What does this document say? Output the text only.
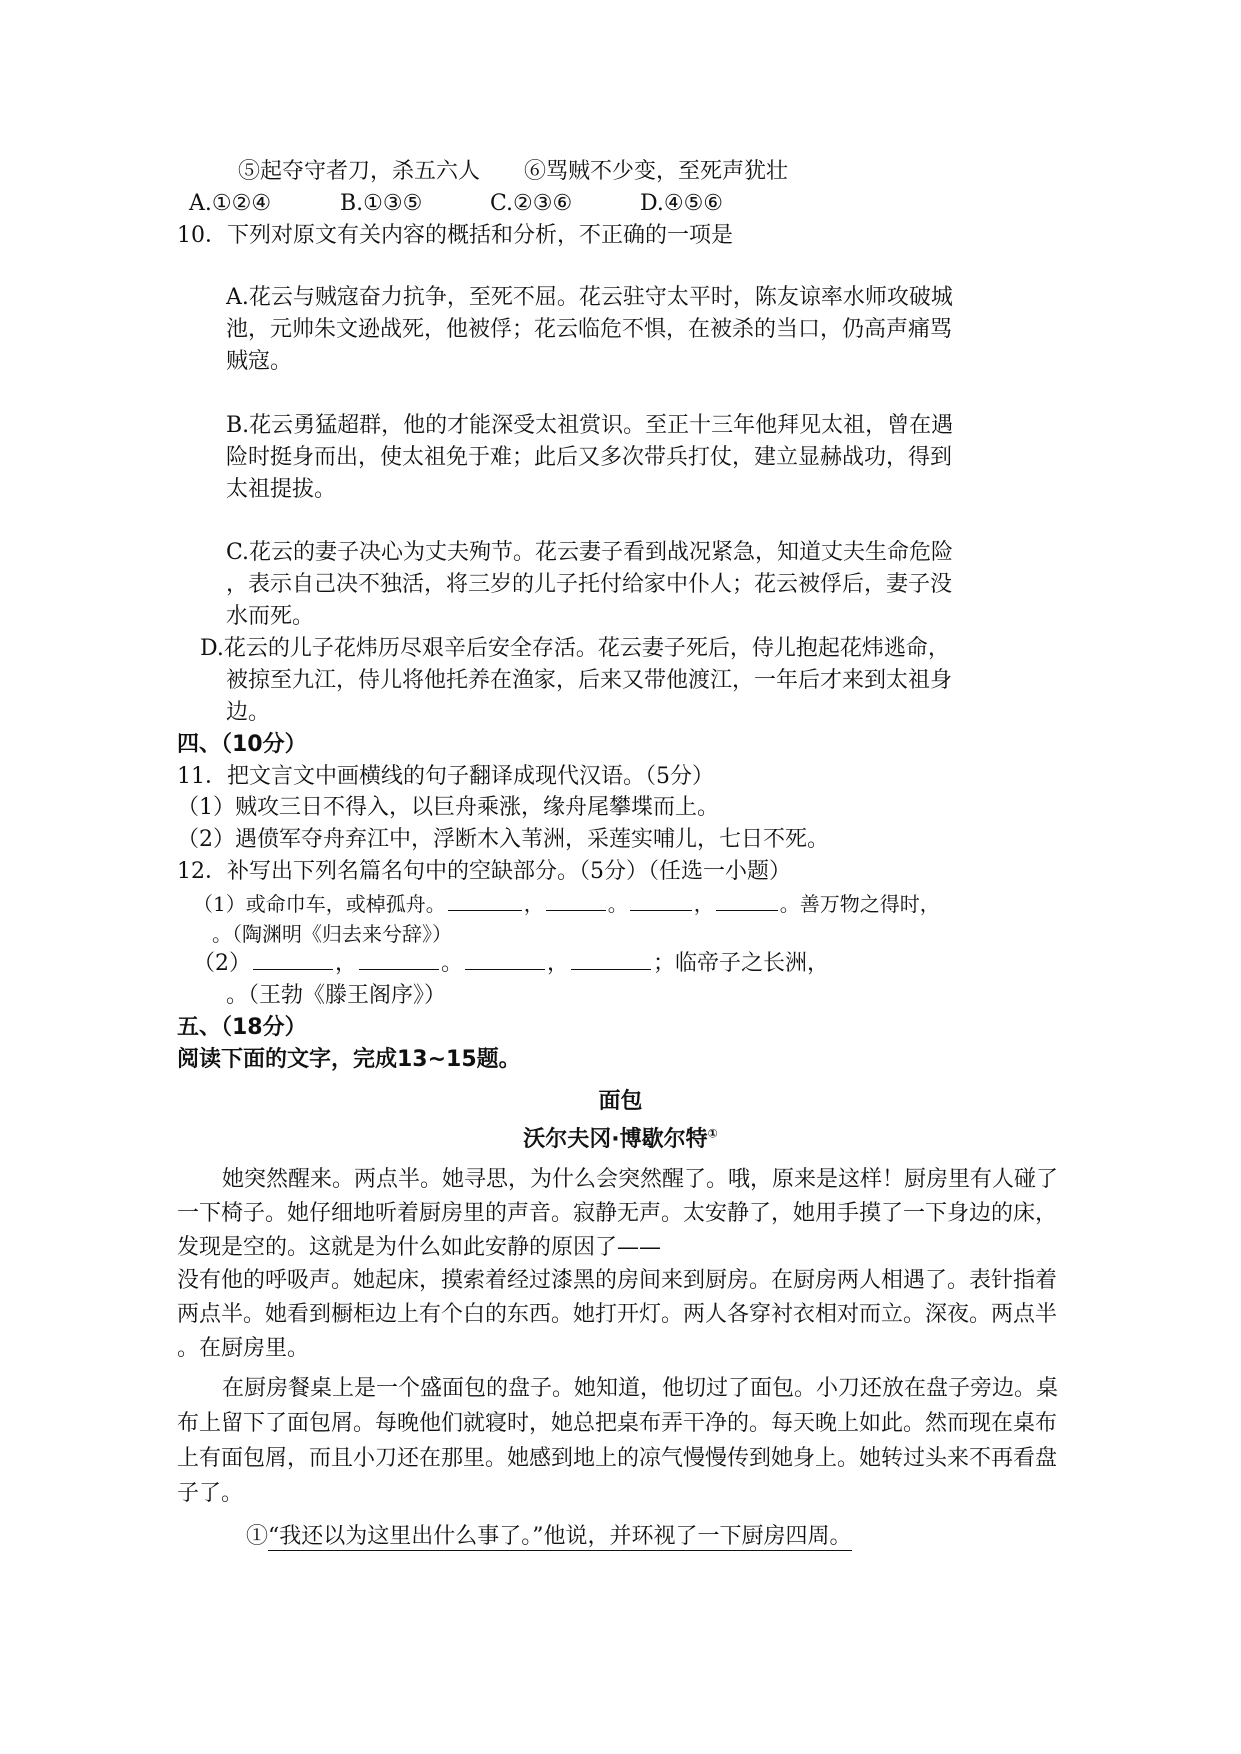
⑤起夺守者刀，杀五六人　　⑥骂贼不少变，至死声犹壮
A.①②④	B.①③⑤	C.②③⑥	D.④⑤⑥
10．下列对原文有关内容的概括和分析，不正确的一项是
A.花云与贼寇奋力抗争，至死不屈。花云驻守太平时，陈友谅率水师攻破城
池，元帅朱文逊战死，他被俘；花云临危不惧，在被杀的当口，仍高声痛骂
贼寇。
B.花云勇猛超群，他的才能深受太祖赏识。至正十三年他拜见太祖，曾在遇
险时挺身而出，使太祖免于难；此后又多次带兵打仗，建立显赫战功，得到
太祖提拔。
C.花云的妻子决心为丈夫殉节。花云妻子看到战况紧急，知道丈夫生命危险
，表示自己决不独活，将三岁的儿子托付给家中仆人；花云被俘后，妻子没
水而死。
D.花云的儿子花炜历尽艰辛后安全存活。花云妻子死后，侍儿抱起花炜逃命，
被掠至九江，侍儿将他托养在渔家，后来又带他渡江，一年后才来到太祖身
边。
四、（10分）
11．把文言文中画横线的句子翻译成现代汉语。（5分）
（1）贼攻三日不得入，以巨舟乘涨，缘舟尾攀堞而上。
（2）遇偾军夺舟弃江中，浮断木入苇洲，采莲实哺儿，七日不死。
12．补写出下列名篇名句中的空缺部分。（5分）（任选一小题）
（1）或命巾车，或棹孤舟。	，	。	，	。善万物之得时，
。（陶渊明《归去来兮辞》）
（2）	，	。	，	；临帝子之长洲，
。（王勃《滕王阁序》）
五、（18分）
阅读下面的文字，完成13~15题。
面包
沃尔夫冈·博歇尔特①
她突然醒来。两点半。她寻思，为什么会突然醒了。哦，原来是这样！厨房里有人碰了
一下椅子。她仔细地听着厨房里的声音。寂静无声。太安静了，她用手摸了一下身边的床，
发现是空的。这就是为什么如此安静的原因了——
没有他的呼吸声。她起床，摸索着经过漆黑的房间来到厨房。在厨房两人相遇了。表针指着
两点半。她看到橱柜边上有个白的东西。她打开灯。两人各穿衬衣相对而立。深夜。两点半
。在厨房里。
在厨房餐桌上是一个盛面包的盘子。她知道，他切过了面包。小刀还放在盘子旁边。桌
布上留下了面包屑。每晚他们就寝时，她总把桌布弄干净的。每天晚上如此。然而现在桌布
上有面包屑，而且小刀还在那里。她感到地上的凉气慢慢传到她身上。她转过头来不再看盘
子了。
①“我还以为这里出什么事了。”他说，并环视了一下厨房四周。
